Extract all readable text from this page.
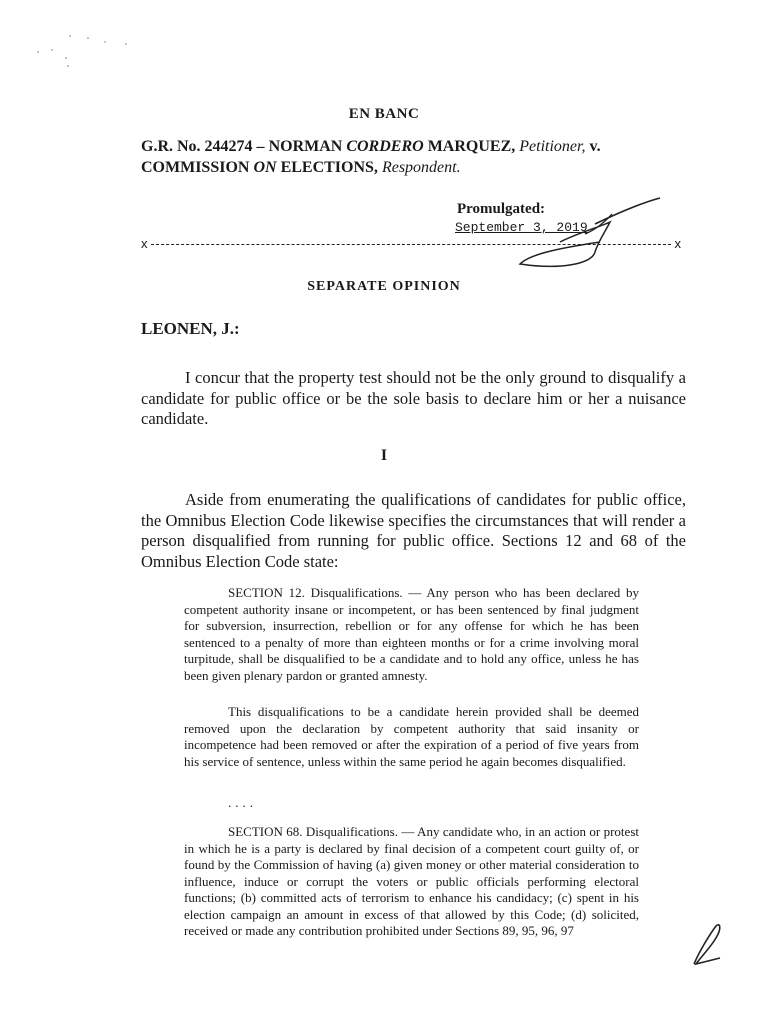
EN BANC
G.R. No. 244274 – NORMAN CORDERO MARQUEZ, Petitioner, v.
COMMISSION ON ELECTIONS, Respondent.
Promulgated:
September 3, 2019
x	x
SEPARATE OPINION
LEONEN, J.:
I concur that the property test should not be the only ground to disqualify a candidate for public office or be the sole basis to declare him or her a nuisance candidate.
I
Aside from enumerating the qualifications of candidates for public office, the Omnibus Election Code likewise specifies the circumstances that will render a person disqualified from running for public office. Sections 12 and 68 of the Omnibus Election Code state:
SECTION 12. Disqualifications. — Any person who has been declared by competent authority insane or incompetent, or has been sentenced by final judgment for subversion, insurrection, rebellion or for any offense for which he has been sentenced to a penalty of more than eighteen months or for a crime involving moral turpitude, shall be disqualified to be a candidate and to hold any office, unless he has been given plenary pardon or granted amnesty.
This disqualifications to be a candidate herein provided shall be deemed removed upon the declaration by competent authority that said insanity or incompetence had been removed or after the expiration of a period of five years from his service of sentence, unless within the same period he again becomes disqualified.
....
SECTION 68. Disqualifications. — Any candidate who, in an action or protest in which he is a party is declared by final decision of a competent court guilty of, or found by the Commission of having (a) given money or other material consideration to influence, induce or corrupt the voters or public officials performing electoral functions; (b) committed acts of terrorism to enhance his candidacy; (c) spent in his election campaign an amount in excess of that allowed by this Code; (d) solicited, received or made any contribution prohibited under Sections 89, 95, 96, 97
